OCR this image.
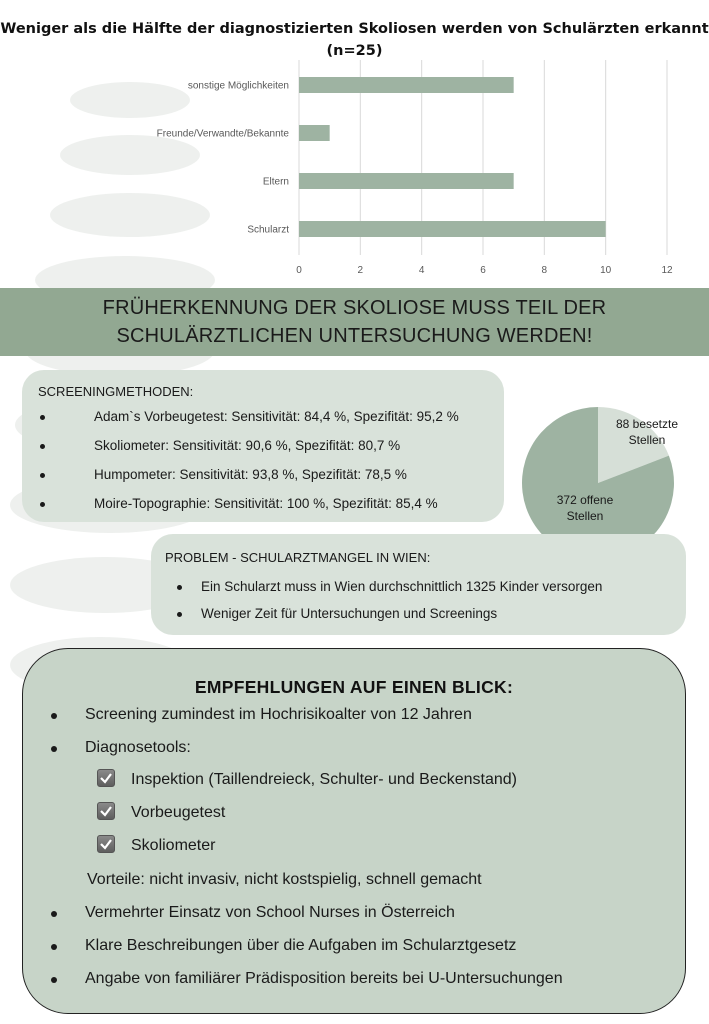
Weniger als die Hälfte der diagnostizierten Skoliosen werden von Schulärzten erkannt
(n=25)
0	2	4	6	8	10	12
sonstige Möglichkeiten
Freunde/Verwandte/Bekannte
Eltern
Schularzt
FRÜHERKENNUNG DER SKOLIOSE MUSS TEIL DER
SCHULÄRZTLICHEN UNTERSUCHUNG WERDEN!
SCREENINGMETHODEN:
Adam`s Vorbeugetest: Sensitivität: 84,4 %, Spezifität: 95,2 %
Skoliometer: Sensitivität: 90,6 %, Spezifität: 80,7 %
Humpometer: Sensitivität: 93,8 %, Spezifität: 78,5 %
Moire-Topographie: Sensitivität: 100 %, Spezifität: 85,4 %
88 besetzte
Stellen
372 offene
Stellen
PROBLEM - SCHULARZTMANGEL IN WIEN:
Ein Schularzt muss in Wien durchschnittlich 1325 Kinder versorgen
Weniger Zeit für Untersuchungen und Screenings
EMPFEHLUNGEN AUF EINEN BLICK:
Screening zumindest im Hochrisikoalter von 12 Jahren
Diagnosetools:
Inspektion (Taillendreieck, Schulter- und Beckenstand)
Vorbeugetest
Skoliometer
Vorteile: nicht invasiv, nicht kostspielig, schnell gemacht
Vermehrter Einsatz von School Nurses in Österreich
Klare Beschreibungen über die Aufgaben im Schularztgesetz
Angabe von familiärer Prädisposition bereits bei U-Untersuchungen
